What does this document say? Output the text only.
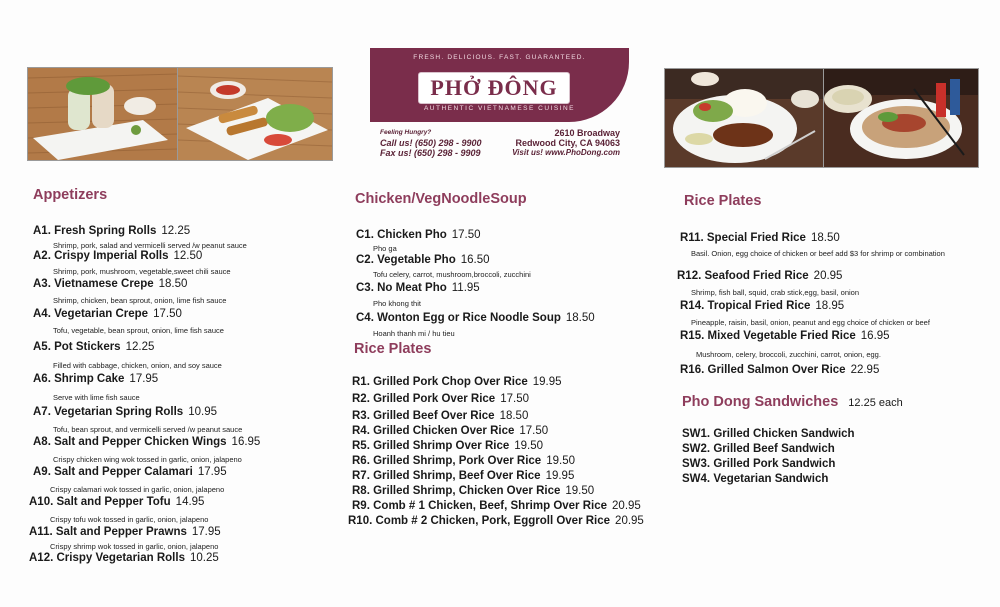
FRESH. DELICIOUS. FAST. GUARANTEED.
PHỞ ĐÔNG
AUTHENTIC VIETNAMESE CUISINE
Feeling Hungry?
Call us! (650) 298 - 9900
Fax us! (650) 298 - 9909
2610 Broadway
Redwood City, CA 94063
Visit us! www.PhoDong.com
Appetizers	Chicken/VegNoodleSoup
Rice Plates
Rice Plates
Pho Dong Sandwiches 12.25 each
A1. Fresh Spring Rolls 12.25
Shrimp, pork, salad and vermicelli served /w peanut sauce
A2. Crispy Imperial Rolls 12.50
Shrimp, pork, mushroom, vegetable,sweet chili sauce
A3. Vietnamese Crepe 18.50
Shrimp, chicken, bean sprout, onion, lime fish sauce
A4. Vegetarian Crepe 17.50
Tofu, vegetable, bean sprout, onion, lime fish sauce
A5. Pot Stickers 12.25
Filled with cabbage, chicken, onion, and soy sauce
A6. Shrimp Cake 17.95
Serve with lime fish sauce
A7. Vegetarian Spring Rolls 10.95
Tofu, bean sprout, and vermicelli served /w peanut sauce
A8. Salt and Pepper Chicken Wings 16.95
Crispy chicken wing wok tossed in garlic, onion, jalapeno
A9. Salt and Pepper Calamari 17.95
Crispy calamari wok tossed in garlic, onion, jalapeno
A10. Salt and Pepper Tofu 14.95
Crispy tofu wok tossed in garlic, onion, jalapeno
A11. Salt and Pepper Prawns 17.95
Crispy shrimp wok tossed in garlic, onion, jalapeno
A12. Crispy Vegetarian Rolls 10.25
C1. Chicken Pho 17.50
Pho ga
C2. Vegetable Pho 16.50
Tofu celery, carrot, mushroom,broccoli, zucchini
C3. No Meat Pho 11.95
Pho khong thit
C4. Wonton Egg or Rice Noodle Soup 18.50
Hoanh thanh mi / hu tieu
R1. Grilled Pork Chop Over Rice 19.95
R2. Grilled Pork Over Rice 17.50
R3. Grilled Beef Over Rice 18.50
R4. Grilled Chicken Over Rice 17.50
R5. Grilled Shrimp Over Rice 19.50
R6. Grilled Shrimp, Pork Over Rice 19.50
R7. Grilled Shrimp, Beef Over Rice 19.95
R8. Grilled Shrimp, Chicken Over Rice 19.50
R9. Comb # 1 Chicken, Beef, Shrimp Over Rice 20.95
R10. Comb # 2 Chicken, Pork, Eggroll Over Rice 20.95
R11. Special Fried Rice 18.50
Basil. Onion, egg choice of chicken or beef add $3 for shrimp or combination
R12. Seafood Fried Rice 20.95
Shrimp, fish ball, squid, crab stick,egg, basil, onion
R14. Tropical Fried Rice 18.95
Pineapple, raisin, basil, onion, peanut and egg choice of chicken or beef
R15. Mixed Vegetable Fried Rice 16.95
Mushroom, celery, broccoli, zucchini, carrot, onion, egg.
R16. Grilled Salmon Over Rice 22.95
SW1. Grilled Chicken Sandwich
SW2. Grilled Beef Sandwich
SW3. Grilled Pork Sandwich
SW4. Vegetarian Sandwich
